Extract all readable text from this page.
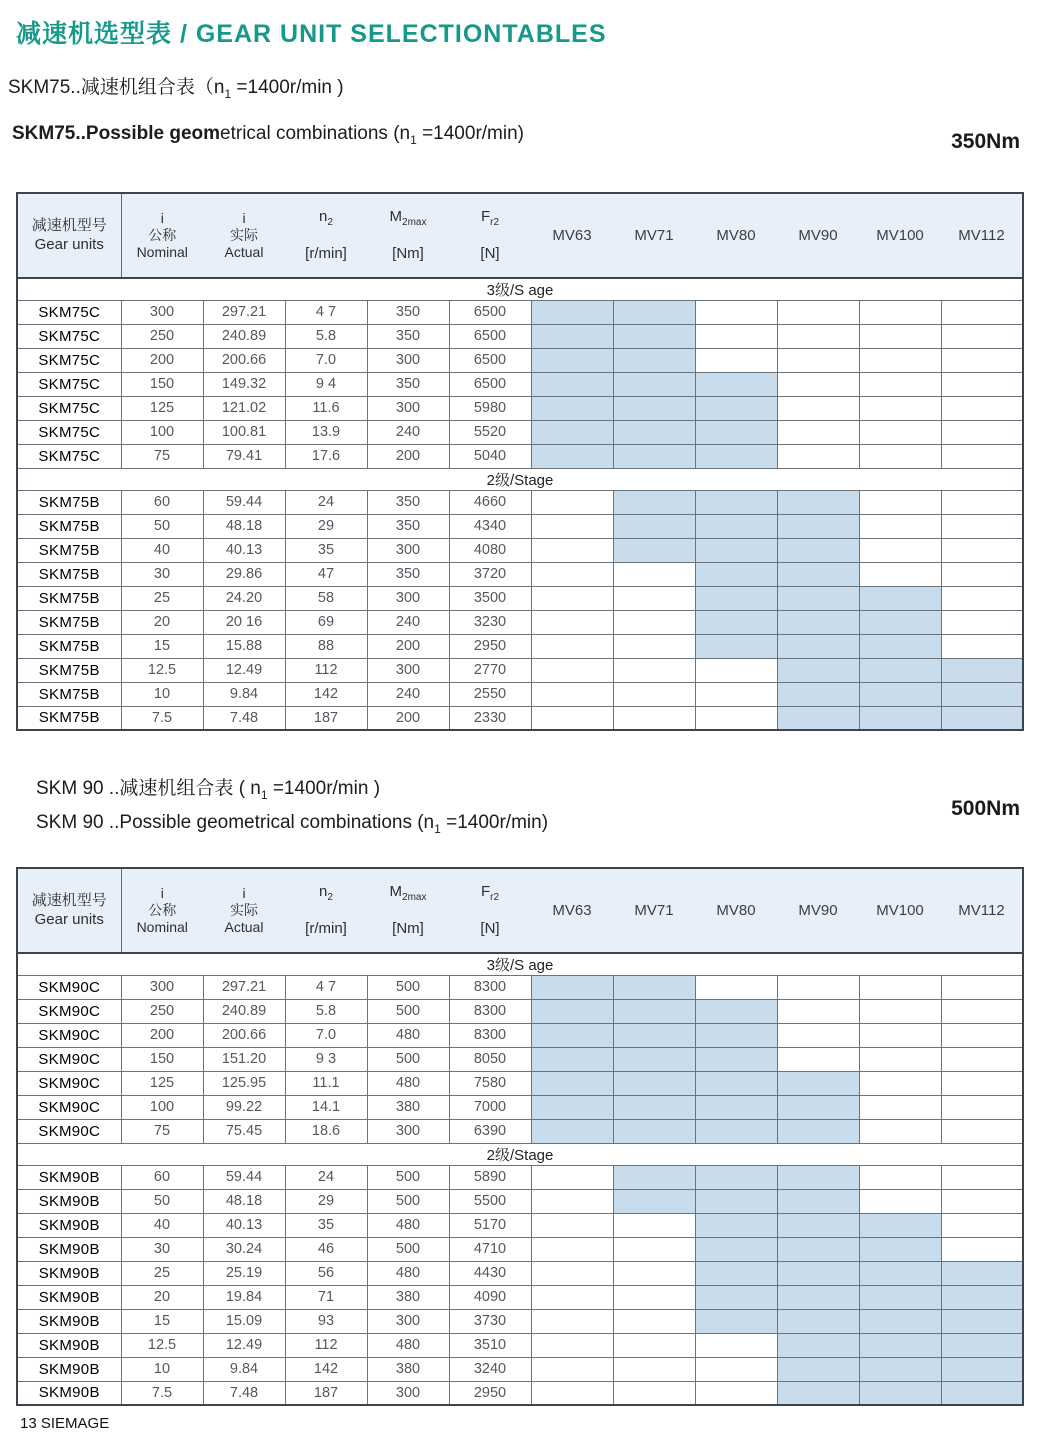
减速机选型表 / GEAR UNIT SELECTIONTABLES
SKM75..减速机组合表（$n_1 =1400r/\min$ )
SKM75..Possible geometrical combinations $(n_1 =1400r/\min)$	350Nm
减速机型号
Gear units

i
公称
Nominal

i
实际
Actual

$n_2$
[r/min]

$M_{2max}$
[Nm]

$F_{r2}$
[N]
	MV63	MV71	MV80	MV90	MV100	MV112
3级/S age											
SKM75C	300	297.21	4 7	350	6500						
SKM75C	250	240.89	5.8	350	6500						
SKM75C	200	200.66	7.0	300	6500						
SKM75C	150	149.32	9 4	350	6500						
SKM75C	125	121.02	11.6	300	5980						
SKM75C	100	100.81	13.9	240	5520						
SKM75C	75	79.41	17.6	200	5040						
2级/Stage											
SKM75B	60	59.44	24	350	4660						
SKM75B	50	48.18	29	350	4340						
SKM75B	40	40.13	35	300	4080						
SKM75B	30	29.86	47	350	3720						
SKM75B	25	24.20	58	300	3500						
SKM75B	20	20 16	69	240	3230						
SKM75B	15	15.88	88	200	2950						
SKM75B	12.5	12.49	112	300	2770						
SKM75B	10	9.84	142	240	2550						
SKM75B	7.5	7.48	187	200	2330						
SKM 90 ..减速机组合表 ( $n_1 =1400r/\min$ )
SKM 90 ..Possible geometrical combinations $(n_1 =1400r/\min)$
500Nm
减速机型号
Gear units

i
公称
Nominal

i
实际
Actual

$n_2$
[r/min]

$M_{2max}$
[Nm]

$F_{r2}$
[N]
	MV63	MV71	MV80	MV90	MV100	MV112
3级/S age											
SKM90C	300	297.21	4 7	500	8300						
SKM90C	250	240.89	5.8	500	8300						
SKM90C	200	200.66	7.0	480	8300						
SKM90C	150	151.20	9 3	500	8050						
SKM90C	125	125.95	11.1	480	7580						
SKM90C	100	99.22	14.1	380	7000						
SKM90C	75	75.45	18.6	300	6390						
2级/Stage											
SKM90B	60	59.44	24	500	5890						
SKM90B	50	48.18	29	500	5500						
SKM90B	40	40.13	35	480	5170						
SKM90B	30	30.24	46	500	4710						
SKM90B	25	25.19	56	480	4430						
SKM90B	20	19.84	71	380	4090						
SKM90B	15	15.09	93	300	3730						
SKM90B	12.5	12.49	112	480	3510						
SKM90B	10	9.84	142	380	3240						
SKM90B	7.5	7.48	187	300	2950						
13 SIEMAGE
